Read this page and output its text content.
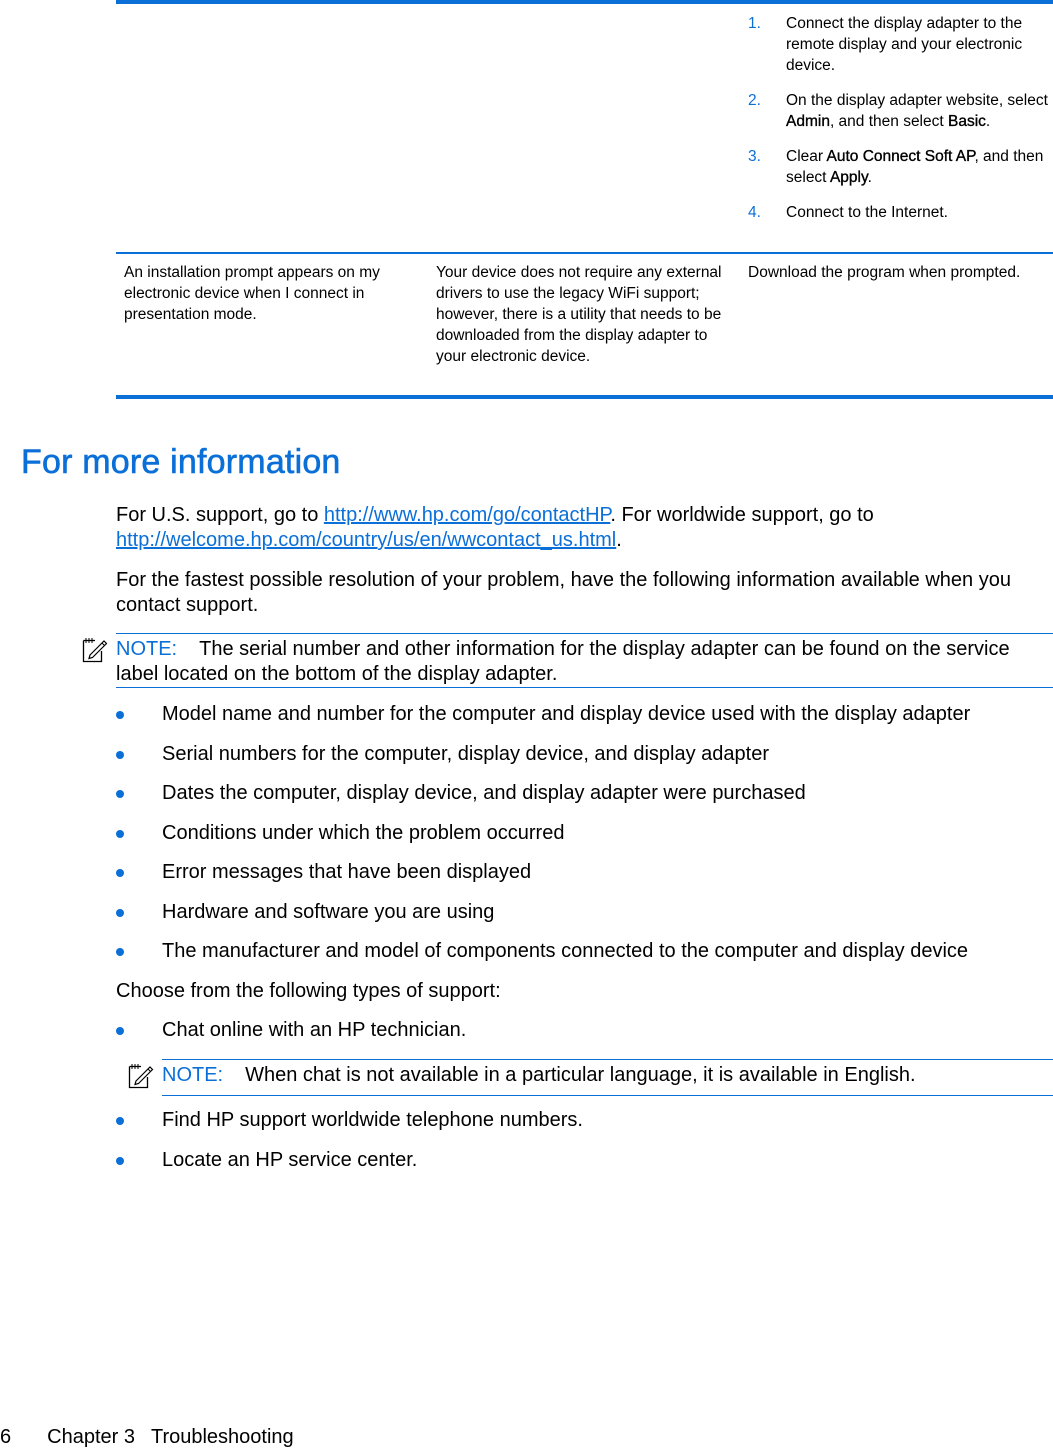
1. Connect the display adapter to the remote display and your electronic device.
2. On the display adapter website, select Admin, and then select Basic.
3. Clear Auto Connect Soft AP, and then select Apply.
4. Connect to the Internet.
An installation prompt appears on my electronic device when I connect in presentation mode.
Your device does not require any external drivers to use the legacy WiFi support; however, there is a utility that needs to be downloaded from the display adapter to your electronic device.
Download the program when prompted.
For more information

For U.S. support, go to http://www.hp.com/go/contactHP. For worldwide support, go to
http://welcome.hp.com/country/us/en/wwcontact_us.html.

For the fastest possible resolution of your problem, have the following information available when you contact support.

NOTE: The serial number and other information for the display adapter can be found on the service label located on the bottom of the display adapter.
Model name and number for the computer and display device used with the display adapter
Serial numbers for the computer, display device, and display adapter
Dates the computer, display device, and display adapter were purchased
Conditions under which the problem occurred
Error messages that have been displayed
Hardware and software you are using
The manufacturer and model of components connected to the computer and display device

Choose from the following types of support:

Chat online with an HP technician.
NOTE: When chat is not available in a particular language, it is available in English.
Find HP support worldwide telephone numbers.
Locate an HP service center.
6 Chapter 3 Troubleshooting
